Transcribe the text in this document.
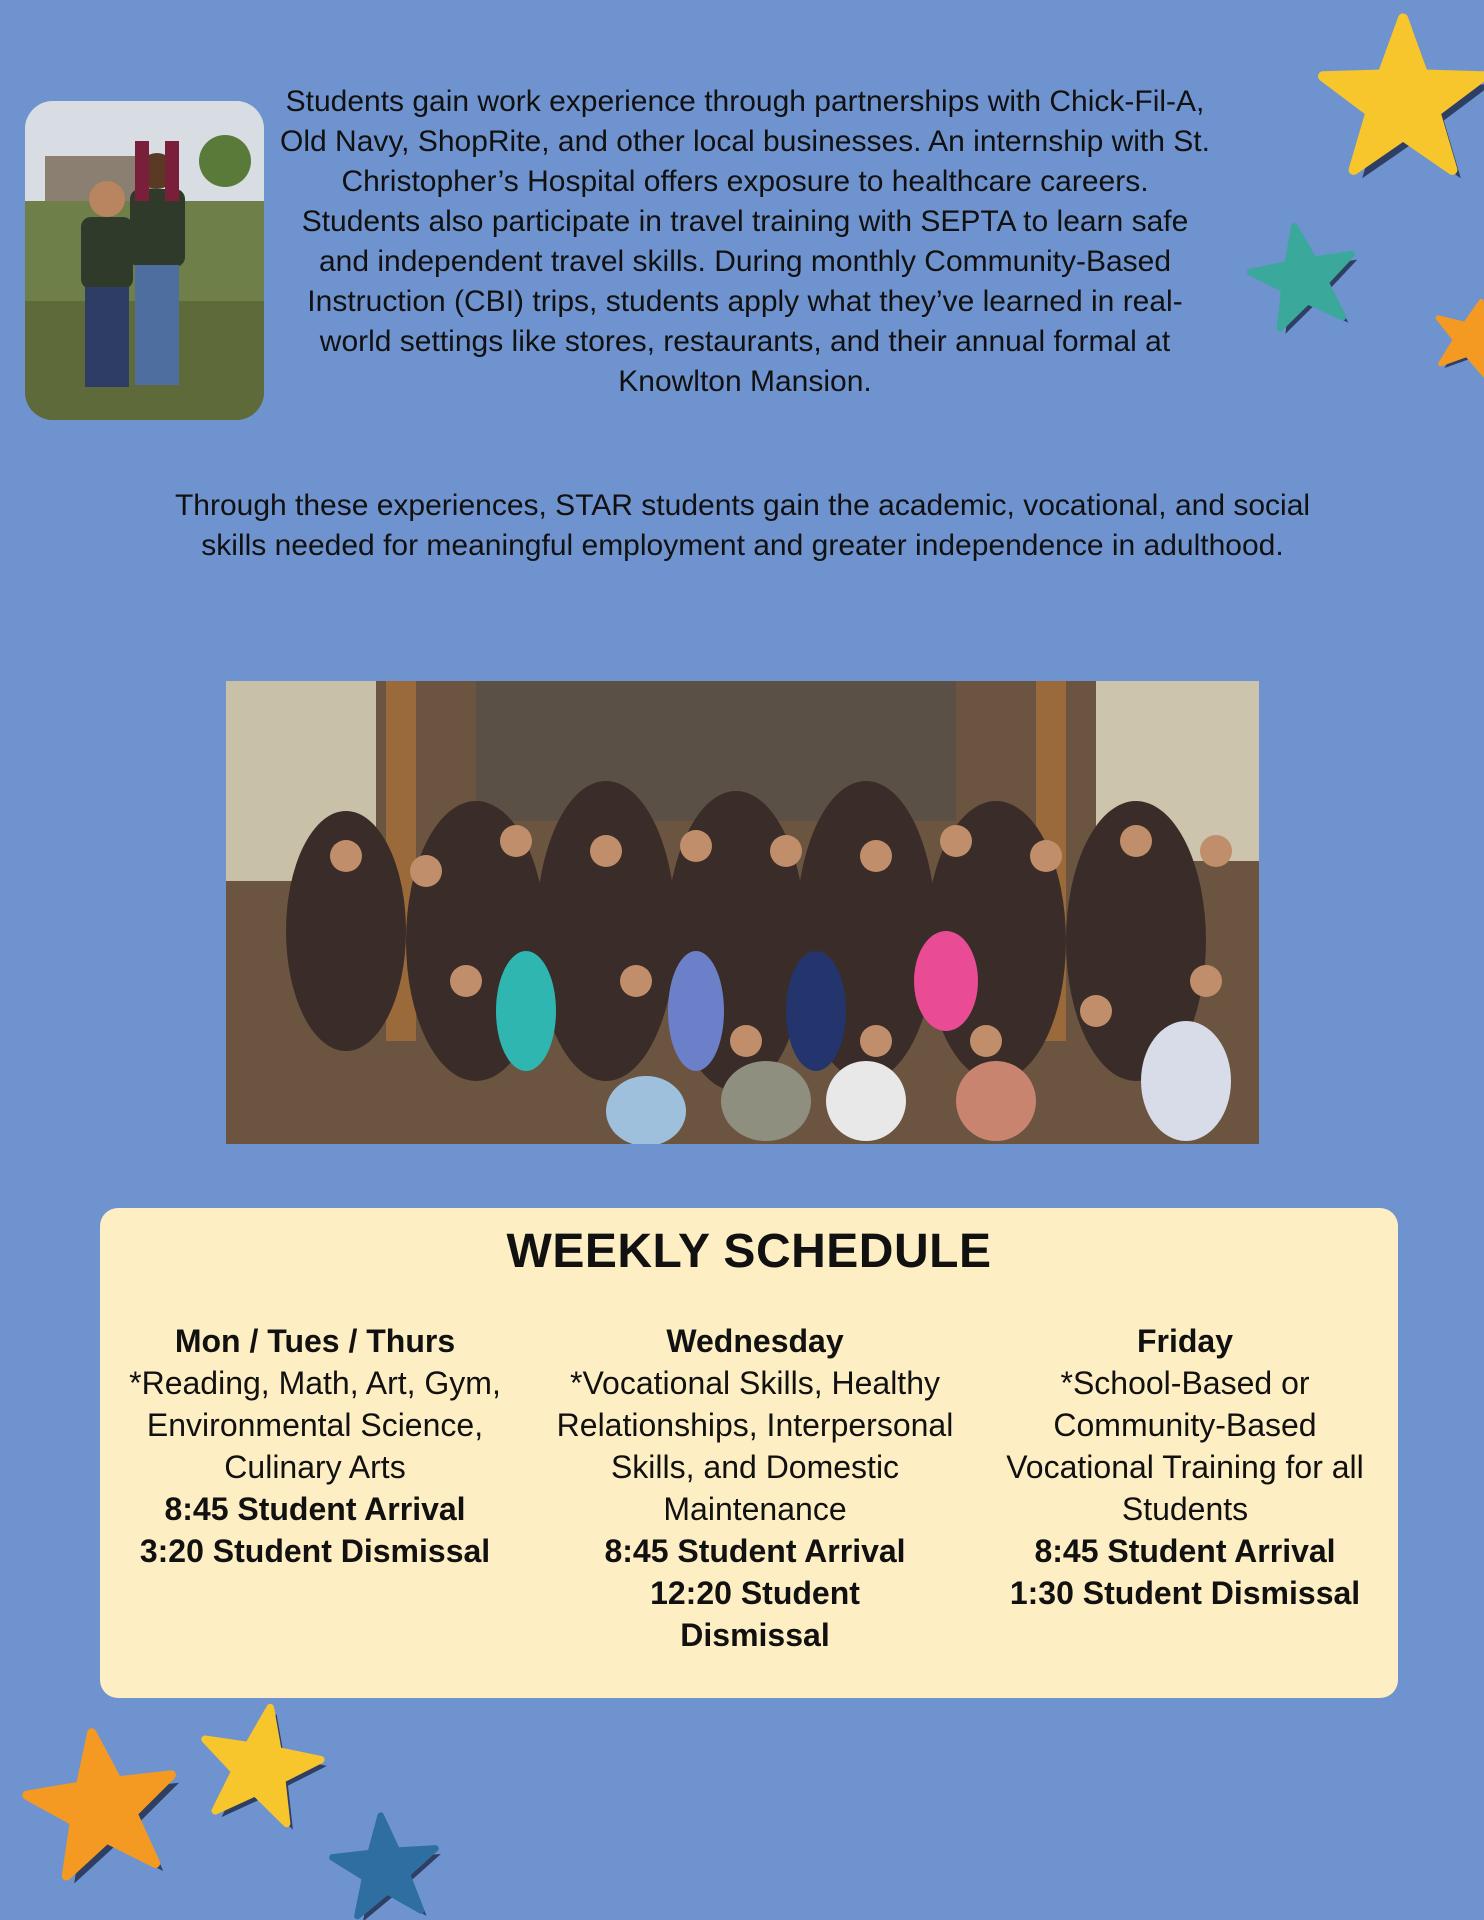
Students gain work experience through partnerships with Chick-Fil-A, Old Navy, ShopRite, and other local businesses. An internship with St. Christopher’s Hospital offers exposure to healthcare careers. Students also participate in travel training with SEPTA to learn safe and independent travel skills. During monthly Community-Based Instruction (CBI) trips, students apply what they’ve learned in real-world settings like stores, restaurants, and their annual formal at Knowlton Mansion.

Through these experiences, STAR students gain the academic, vocational, and social skills needed for meaningful employment and greater independence in adulthood.

WEEKLY SCHEDULE
Mon / Tues / Thurs
*Reading, Math, Art, Gym, Environmental Science, Culinary Arts
8:45 Student Arrival
3:20 Student Dismissal
Wednesday
*Vocational Skills, Healthy Relationships, Interpersonal Skills, and Domestic Maintenance
8:45 Student Arrival
12:20 Student Dismissal
Friday
*School-Based or Community-Based Vocational Training for all Students
8:45 Student Arrival
1:30 Student Dismissal
